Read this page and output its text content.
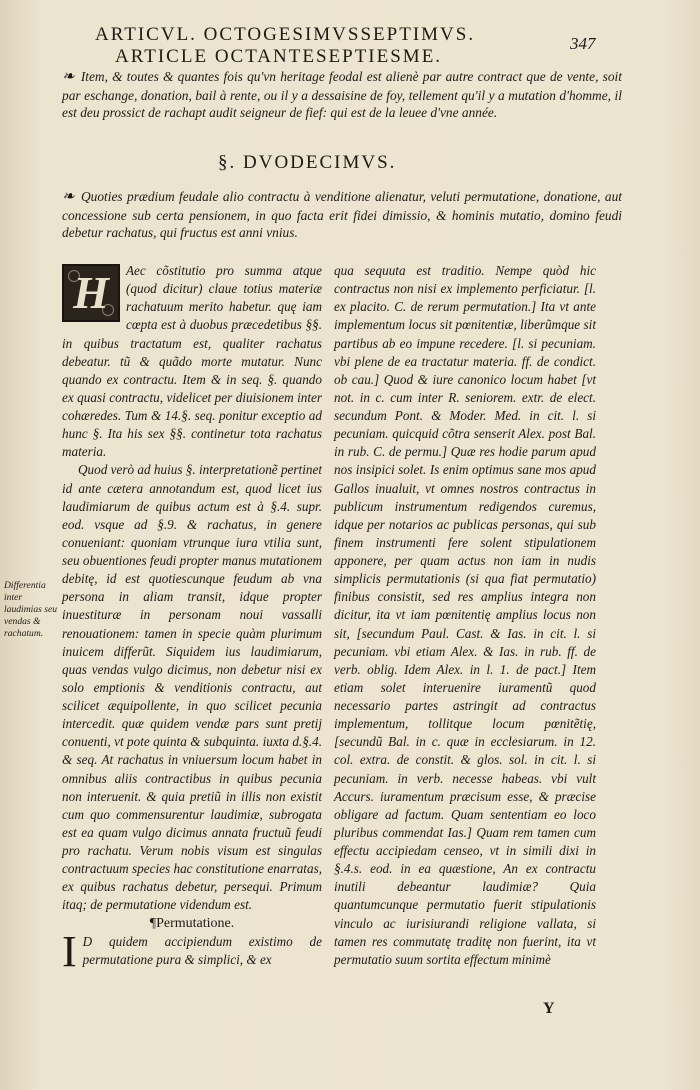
ARTICVL. OCTOGESIMVSSEPTIMVS.	347
ARTICLE OCTANTESEPTIESME.
❧ Item, & toutes & quantes fois qu'vn heritage feodal est alienè par autre contract que de vente, soit par eschange, donation, bail à rente, ou il y a dessaisine de foy, tellement qu'il y a mutation d'homme, il est deu prossict de rachapt audit seigneur de fief: qui est de la leuee d'vne année.
§. DVODECIMVS.
❧ Quoties prædium feudale alio contractu à venditione alienatur, veluti permutatione, donatione, aut concessione sub certa pensionem, in quo facta erit fidei dimissio, & hominis mutatio, domino feudi debetur rachatus, qui fructus est anni vnius.
Differentia inter laudimias seu vendas & rachatum.

H	Aec cõstitutio pro summa atque (quod dicitur) claue totius materiæ rachatuum merito habetur. quę iam cœpta est à duobus præcedetibus §§. in quibus tractatum est, qualiter rachatus debeatur. tũ & quãdo morte mutatur. Nunc quando ex contractu. Item & in seq. §. quando ex quasi contractu, videlicet per diuisionem inter cohæredes. Tum & 14.§. seq. ponitur exceptio ad hunc §. Ita his sex §§. continetur tota rachatus materia.

Quod verò ad huius §. interpretationẽ pertinet id ante cætera annotandum est, quod licet ius laudimiarum de quibus actum est à §.4. supr. eod. vsque ad §.9. & rachatus, in genere conueniant: quoniam vtrunque iura vtilia sunt, seu obuentiones feudi propter manus mutationem debitę, id est quotiescunque feudum ab vna persona in aliam transit, idque propter inuestituræ in personam noui vassalli renouationem: tamen in specie quàm plurimum inuicem differũt. Siquidem ius laudimiarum, quas vendas vulgo dicimus, non debetur nisi ex solo emptionis & venditionis contractu, aut scilicet æquipollente, in quo scilicet pecunia intercedit. quæ quidem vendæ pars sunt pretij conuenti, vt pote quinta & subquinta. iuxta d.§.4. & seq. At rachatus in vniuersum locum habet in omnibus aliis contractibus in quibus pecunia non interuenit. & quia pretiũ in illis non existit cum quo commensurentur laudimiæ, subrogata est ea quam vulgo dicimus annata fructuũ feudi pro rachatu. Verum nobis visum est singulas contractuum species hac constitutione enarratas, ex quibus rachatus debetur, persequi. Primum itaq; de permutatione videndum est.

¶Permutatione.

I D quidem accipiendum existimo de permutatione pura & simplici, & ex

qua sequuta est traditio. Nempe quòd hic contractus non nisi ex implemento perficiatur. [l. ex placito. C. de rerum permutation.] Ita vt ante implementum locus sit pœnitentiæ, liberũmque sit partibus ab eo impune recedere. [l. si pecuniam. vbi plene de ea tractatur materia. ff. de condict. ob cau.] Quod & iure canonico locum habet [vt not. in c. cum inter R. seniorem. extr. de elect. secundum Pont. & Moder. Med. in cit. l. si pecuniam. quicquid cõtra senserit Alex. post Bal. in rub. C. de permu.] Quæ res hodie parum apud nos insipici solet. Is enim optimus sane mos apud Gallos inualuit, vt omnes nostros contractus in publicum instrumentum redigendos curemus, idque per notarios ac publicas personas, qui sub finem instrumenti fere solent stipulationem apponere, per quam actus non iam in nudis simplicis permutationis (si qua fiat permutatio) finibus consistit, sed res amplius integra non dicitur, ita vt iam pœnitentię amplius locus non sit, [secundum Paul. Cast. & Ias. in cit. l. si pecuniam. vbi etiam Alex. & Ias. in rub. ff. de verb. oblig. Idem Alex. in l. 1. de pact.] Item etiam solet interuenire iuramentũ quod necessario partes astringit ad contractus implementum, tollitque locum pœnitẽtię, [secundũ Bal. in c. quæ in ecclesiarum. in 12. col. extra. de constit. & glos. sol. in cit. l. si pecuniam. in verb. necesse habeas. vbi vult Accurs. iuramentum præcisum esse, & præcise obligare ad factum. Quam sententiam eo loco pluribus commendat Ias.] Quam rem tamen cum effectu accipiedam censeo, vt in simili dixi in §.4.s. eod. in ea quæstione, An ex contractu inutili debeantur laudimiæ? Quia quantumcunque permutatio fuerit stipulationis vinculo ac iurisiurandi religione vallata, si tamen res commutatę traditę non fuerint, ita vt permutatio suum sortita effectum minimè

Y
